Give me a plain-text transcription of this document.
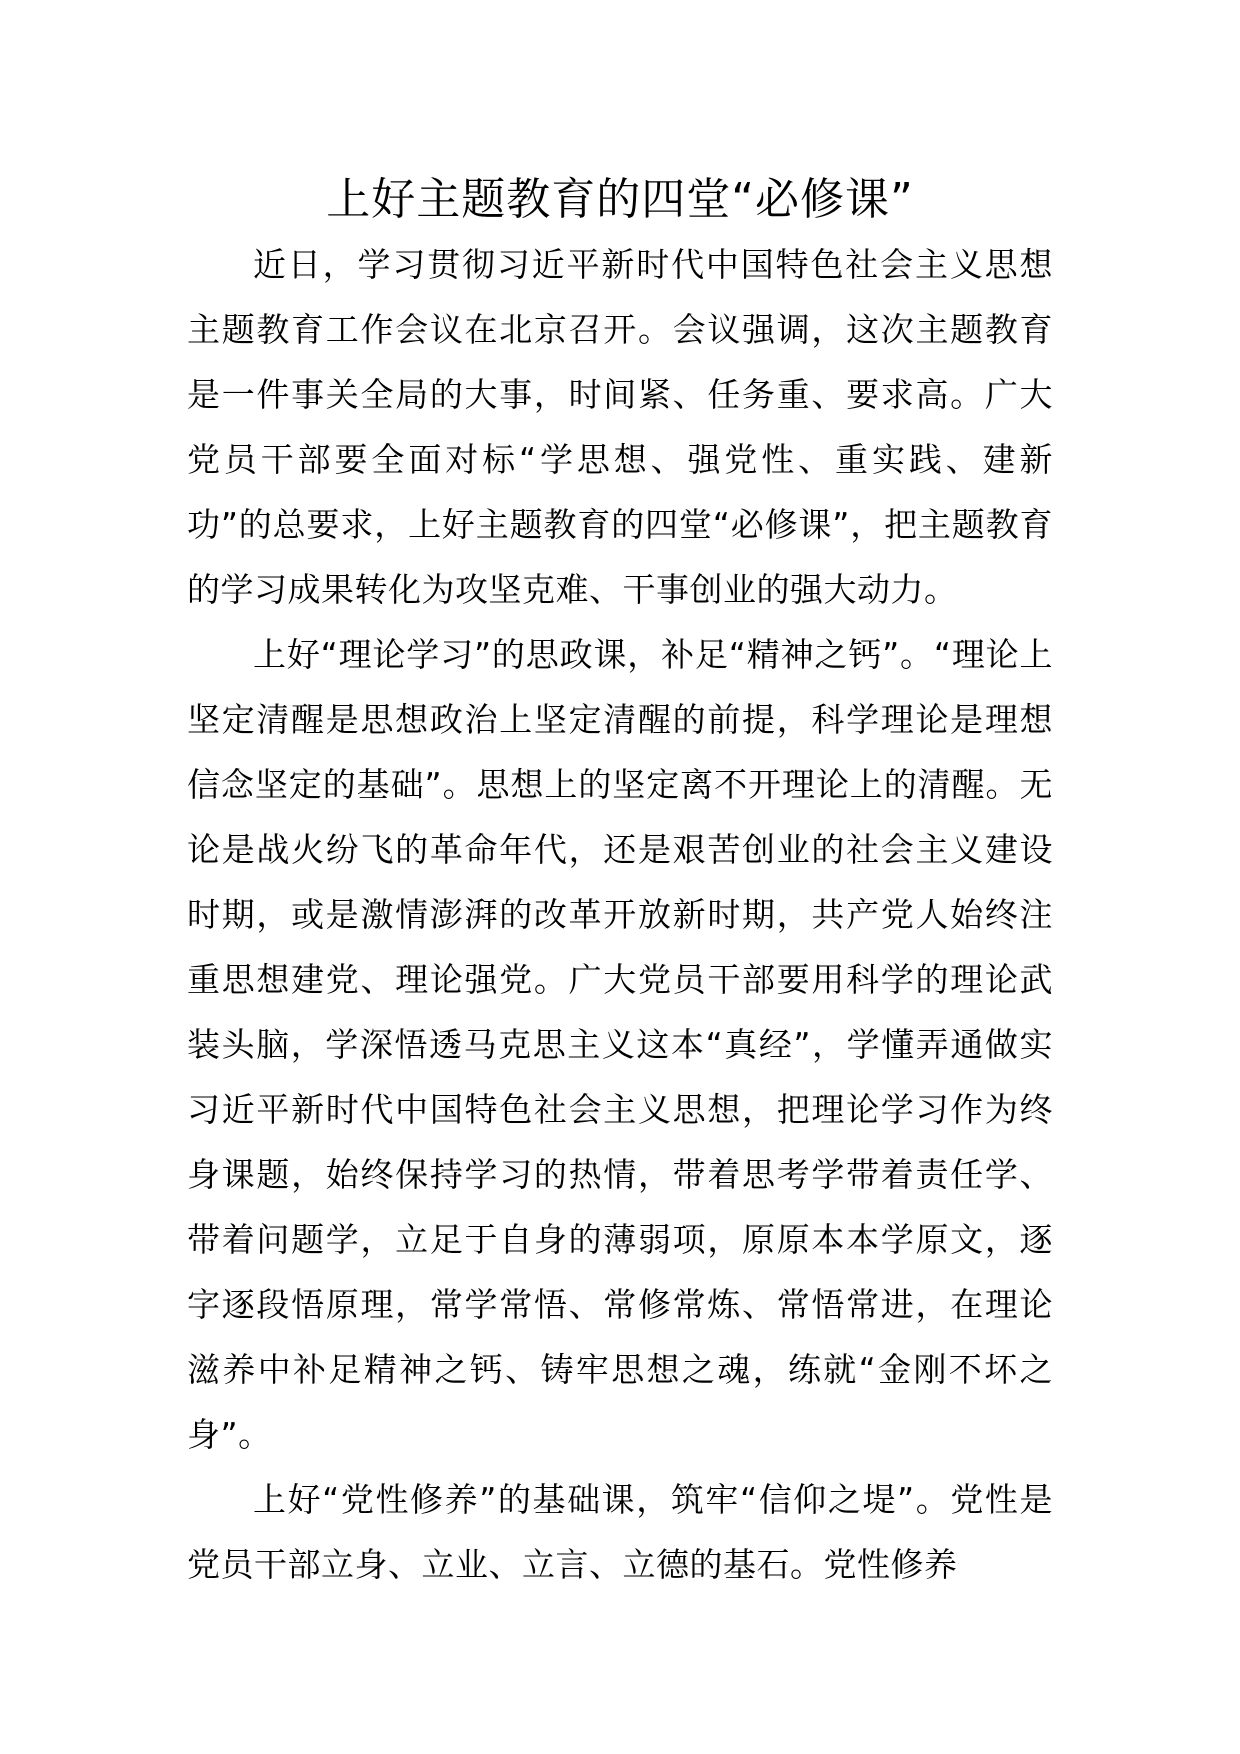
上好主题教育的四堂“必修课”

近日，学习贯彻习近平新时代中国特色社会主义思想主题教育工作会议在北京召开。会议强调，这次主题教育是一件事关全局的大事，时间紧、任务重、要求高。广大党员干部要全面对标“学思想、强党性、重实践、建新功”的总要求，上好主题教育的四堂“必修课”，把主题教育的学习成果转化为攻坚克难、干事创业的强大动力。

上好“理论学习”的思政课，补足“精神之钙”。“理论上坚定清醒是思想政治上坚定清醒的前提，科学理论是理想信念坚定的基础”。思想上的坚定离不开理论上的清醒。无论是战火纷飞的革命年代，还是艰苦创业的社会主义建设时期，或是激情澎湃的改革开放新时期，共产党人始终注重思想建党、理论强党。广大党员干部要用科学的理论武装头脑，学深悟透马克思主义这本“真经”，学懂弄通做实习近平新时代中国特色社会主义思想，把理论学习作为终身课题，始终保持学习的热情，带着思考学带着责任学、带着问题学，立足于自身的薄弱项，原原本本学原文，逐字逐段悟原理，常学常悟、常修常炼、常悟常进，在理论滋养中补足精神之钙、铸牢思想之魂，练就“金刚不坏之身”。

上好“党性修养”的基础课，筑牢“信仰之堤”。党性是党员干部立身、立业、立言、立德的基石。党性修养
